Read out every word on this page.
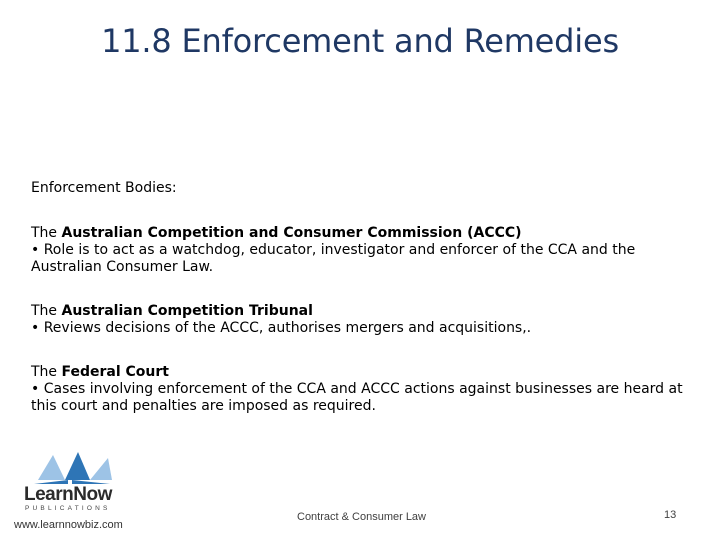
11.8 Enforcement and Remedies

Enforcement Bodies:

The Australian Competition and Consumer Commission (ACCC)

• Role is to act as a watchdog, educator, investigator and enforcer of the CCA and the Australian Consumer Law.

The Australian Competition Tribunal

• Reviews decisions of the ACCC, authorises mergers and acquisitions,.

The Federal Court

• Cases involving enforcement of the CCA and ACCC actions against businesses are heard at this court and penalties are imposed as required.

LearnNow
PUBLICATIONS
www.learnnowbiz.com
Contract & Consumer Law	13
